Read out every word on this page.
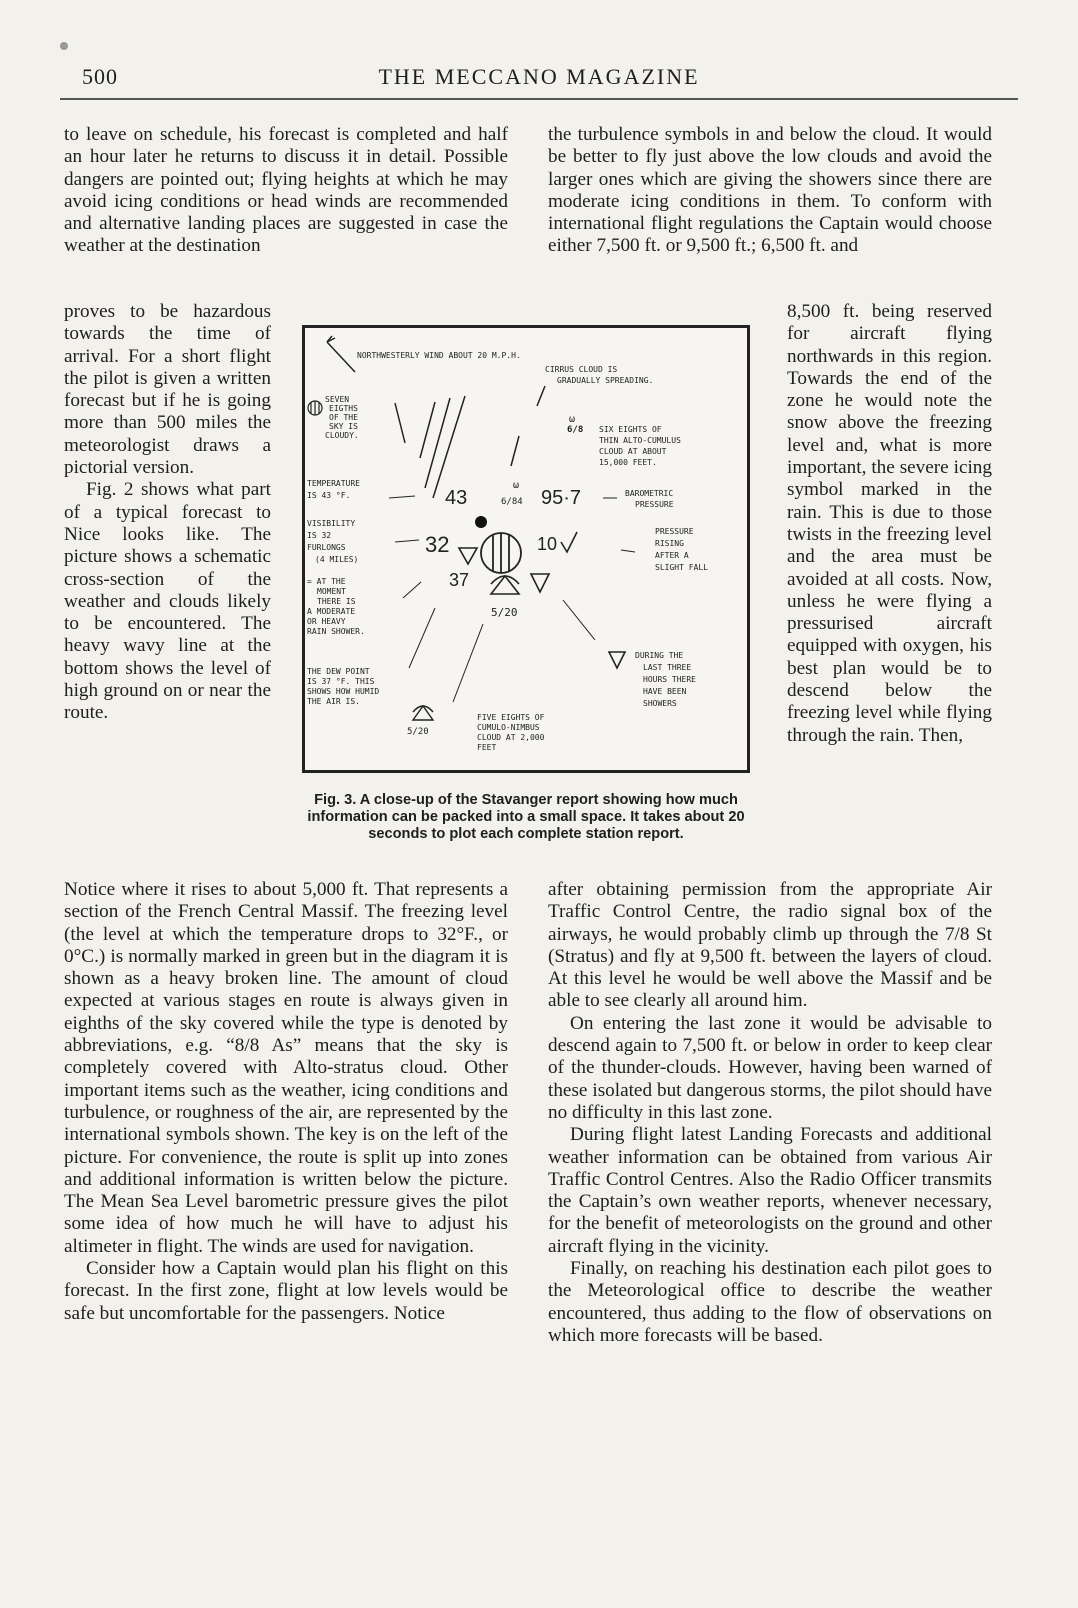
500	THE MECCANO MAGAZINE

to leave on schedule, his forecast is completed and half an hour later he returns to discuss it in detail. Possible dangers are pointed out; flying heights at which he may avoid icing conditions or head winds are recommended and alternative landing places are suggested in case the weather at the destination

proves to be hazardous towards the time of arrival. For a short flight the pilot is given a written forecast but if he is going more than 500 miles the meteorologist draws a pictorial version.

Fig. 2 shows what part of a typical forecast to Nice looks like. The picture shows a schematic cross-section of the weather and clouds likely to be encountered. The heavy wavy line at the bottom shows the level of high ground on or near the route.

Notice where it rises to about 5,000 ft. That represents a section of the French Central Massif. The freezing level (the level at which the temperature drops to 32°F., or 0°C.) is normally marked in green but in the diagram it is shown as a heavy broken line. The amount of cloud expected at various stages en route is always given in eighths of the sky covered while the type is denoted by abbreviations, e.g. “8/8 As” means that the sky is completely covered with Alto-stratus cloud. Other important items such as the weather, icing conditions and turbulence, or roughness of the air, are represented by the international symbols shown. The key is on the left of the picture. For convenience, the route is split up into zones and additional information is written below the picture. The Mean Sea Level barometric pressure gives the pilot some idea of how much he will have to adjust his altimeter in flight. The winds are used for navigation.

Consider how a Captain would plan his flight on this forecast. In the first zone, flight at low levels would be safe but uncomfortable for the passengers. Notice

the turbulence symbols in and below the cloud. It would be better to fly just above the low clouds and avoid the larger ones which are giving the showers since there are moderate icing conditions in them. To conform with international flight regulations the Captain would choose either 7,500 ft. or 9,500 ft.; 6,500 ft. and

8,500 ft. being reserved for aircraft flying northwards in this region. Towards the end of the zone he would note the snow above the freezing level and, what is more important, the severe icing symbol marked in the rain. This is due to those twists in the freezing level and the area must be avoided at all costs. Now, unless he were flying a pressurised aircraft equipped with oxygen, his best plan would be to descend below the freezing level while flying through the rain. Then,

after obtaining permission from the appropriate Air Traffic Control Centre, the radio signal box of the airways, he would probably climb up through the 7/8 St (Stratus) and fly at 9,500 ft. between the layers of cloud. At this level he would be well above the Massif and be able to see clearly all around him.

On entering the last zone it would be advisable to descend again to 7,500 ft. or below in order to keep clear of the thunder-clouds. However, having been warned of these isolated but dangerous storms, the pilot should have no difficulty in this last zone.

During flight latest Landing Forecasts and additional weather information can be obtained from various Air Traffic Control Centres. Also the Radio Officer transmits the Captain’s own weather reports, whenever necessary, for the benefit of meteorologists on the ground and other aircraft flying in the vicinity.

Finally, on reaching his destination each pilot goes to the Meteorological office to describe the weather encountered, thus adding to the flow of observations on which more forecasts will be based.

NORTHWESTERLY WIND ABOUT 20 M.P.H.
CIRRUS CLOUD IS
GRADUALLY SPREADING.
SEVEN
EIGTHS
OF THE
SKY IS
CLOUDY.
6/8 SIX EIGHTS OF
THIN ALTO-CUMULUS
CLOUD AT ABOUT
15,000 FEET.
TEMPERATURE
IS 43 °F.	43	6/84 95·7	BAROMETRIC
PRESSURE
VISIBILITY
IS 32
FURLONGS
(4 MILES)
32	10
PRESSURE
RISING
AFTER A
SLIGHT FALL
= AT THE
MOMENT
THERE IS
A MODERATE
OR HEAVY
RAIN SHOWER.
37
5/20
THE DEW POINT
IS 37 °F. THIS
SHOWS HOW HUMID
THE AIR IS.
DURING THE
LAST THREE
HOURS THERE
HAVE BEEN
SHOWERS
5/20
FIVE EIGHTS OF
CUMULO-NIMBUS
CLOUD AT 2,000
FEET
ω
ω
Fig. 3. A close-up of the Stavanger report showing how much information can be packed into a small space. It takes about 20 seconds to plot each complete station report.
